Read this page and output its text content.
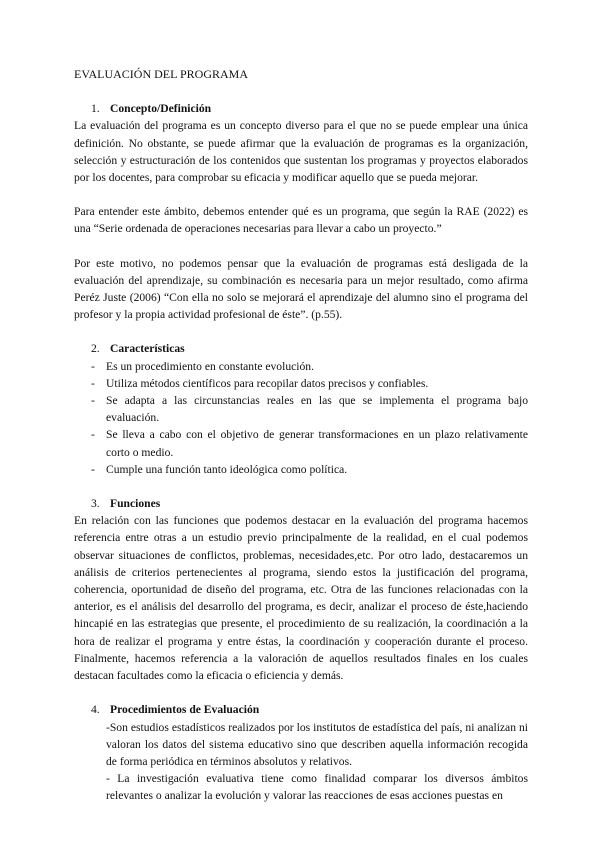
EVALUACIÓN DEL PROGRAMA
1. Concepto/Definición

La evaluación del programa es un concepto diverso para el que no se puede emplear una única definición. No obstante, se puede afirmar que la evaluación de programas es la organización, selección y estructuración de los contenidos que sustentan los programas y proyectos elaborados por los docentes, para comprobar su eficacia y modificar aquello que se pueda mejorar.

Para entender este ámbito, debemos entender qué es un programa, que según la RAE (2022) es una “Serie ordenada de operaciones necesarias para llevar a cabo un proyecto.”

Por este motivo, no podemos pensar que la evaluación de programas está desligada de la evaluación del aprendizaje, su combinación es necesaria para un mejor resultado, como afirma Peréz Juste (2006) “Con ella no solo se mejorará el aprendizaje del alumno sino el programa del profesor y la propia actividad profesional de éste”. (p.55).

2. Características
- Es un procedimiento en constante evolución.
- Utiliza métodos científicos para recopilar datos precisos y confiables.
- Se adapta a las circunstancias reales en las que se implementa el programa bajo evaluación.
- Se lleva a cabo con el objetivo de generar transformaciones en un plazo relativamente corto o medio.
- Cumple una función tanto ideológica como política.
3. Funciones

En relación con las funciones que podemos destacar en la evaluación del programa hacemos referencia entre otras a un estudio previo principalmente de la realidad, en el cual podemos observar situaciones de conflictos, problemas, necesidades,etc. Por otro lado, destacaremos un análisis de criterios pertenecientes al programa, siendo estos la justificación del programa, coherencia, oportunidad de diseño del programa, etc. Otra de las funciones relacionadas con la anterior, es el análisis del desarrollo del programa, es decir, analizar el proceso de éste,haciendo hincapié en las estrategias que presente, el procedimiento de su realización, la coordinación a la hora de realizar el programa y entre éstas, la coordinación y cooperación durante el proceso. Finalmente, hacemos referencia a la valoración de aquellos resultados finales en los cuales destacan facultades como la eficacia o eficiencia y demás.

4. Procedimientos de Evaluación

-Son estudios estadísticos realizados por los institutos de estadística del país, ni analizan ni valoran los datos del sistema educativo sino que describen aquella información recogida de forma periódica en términos absolutos y relativos.

- La investigación evaluativa tiene como finalidad comparar los diversos ámbitos relevantes o analizar la evolución y valorar las reacciones de esas acciones puestas en
